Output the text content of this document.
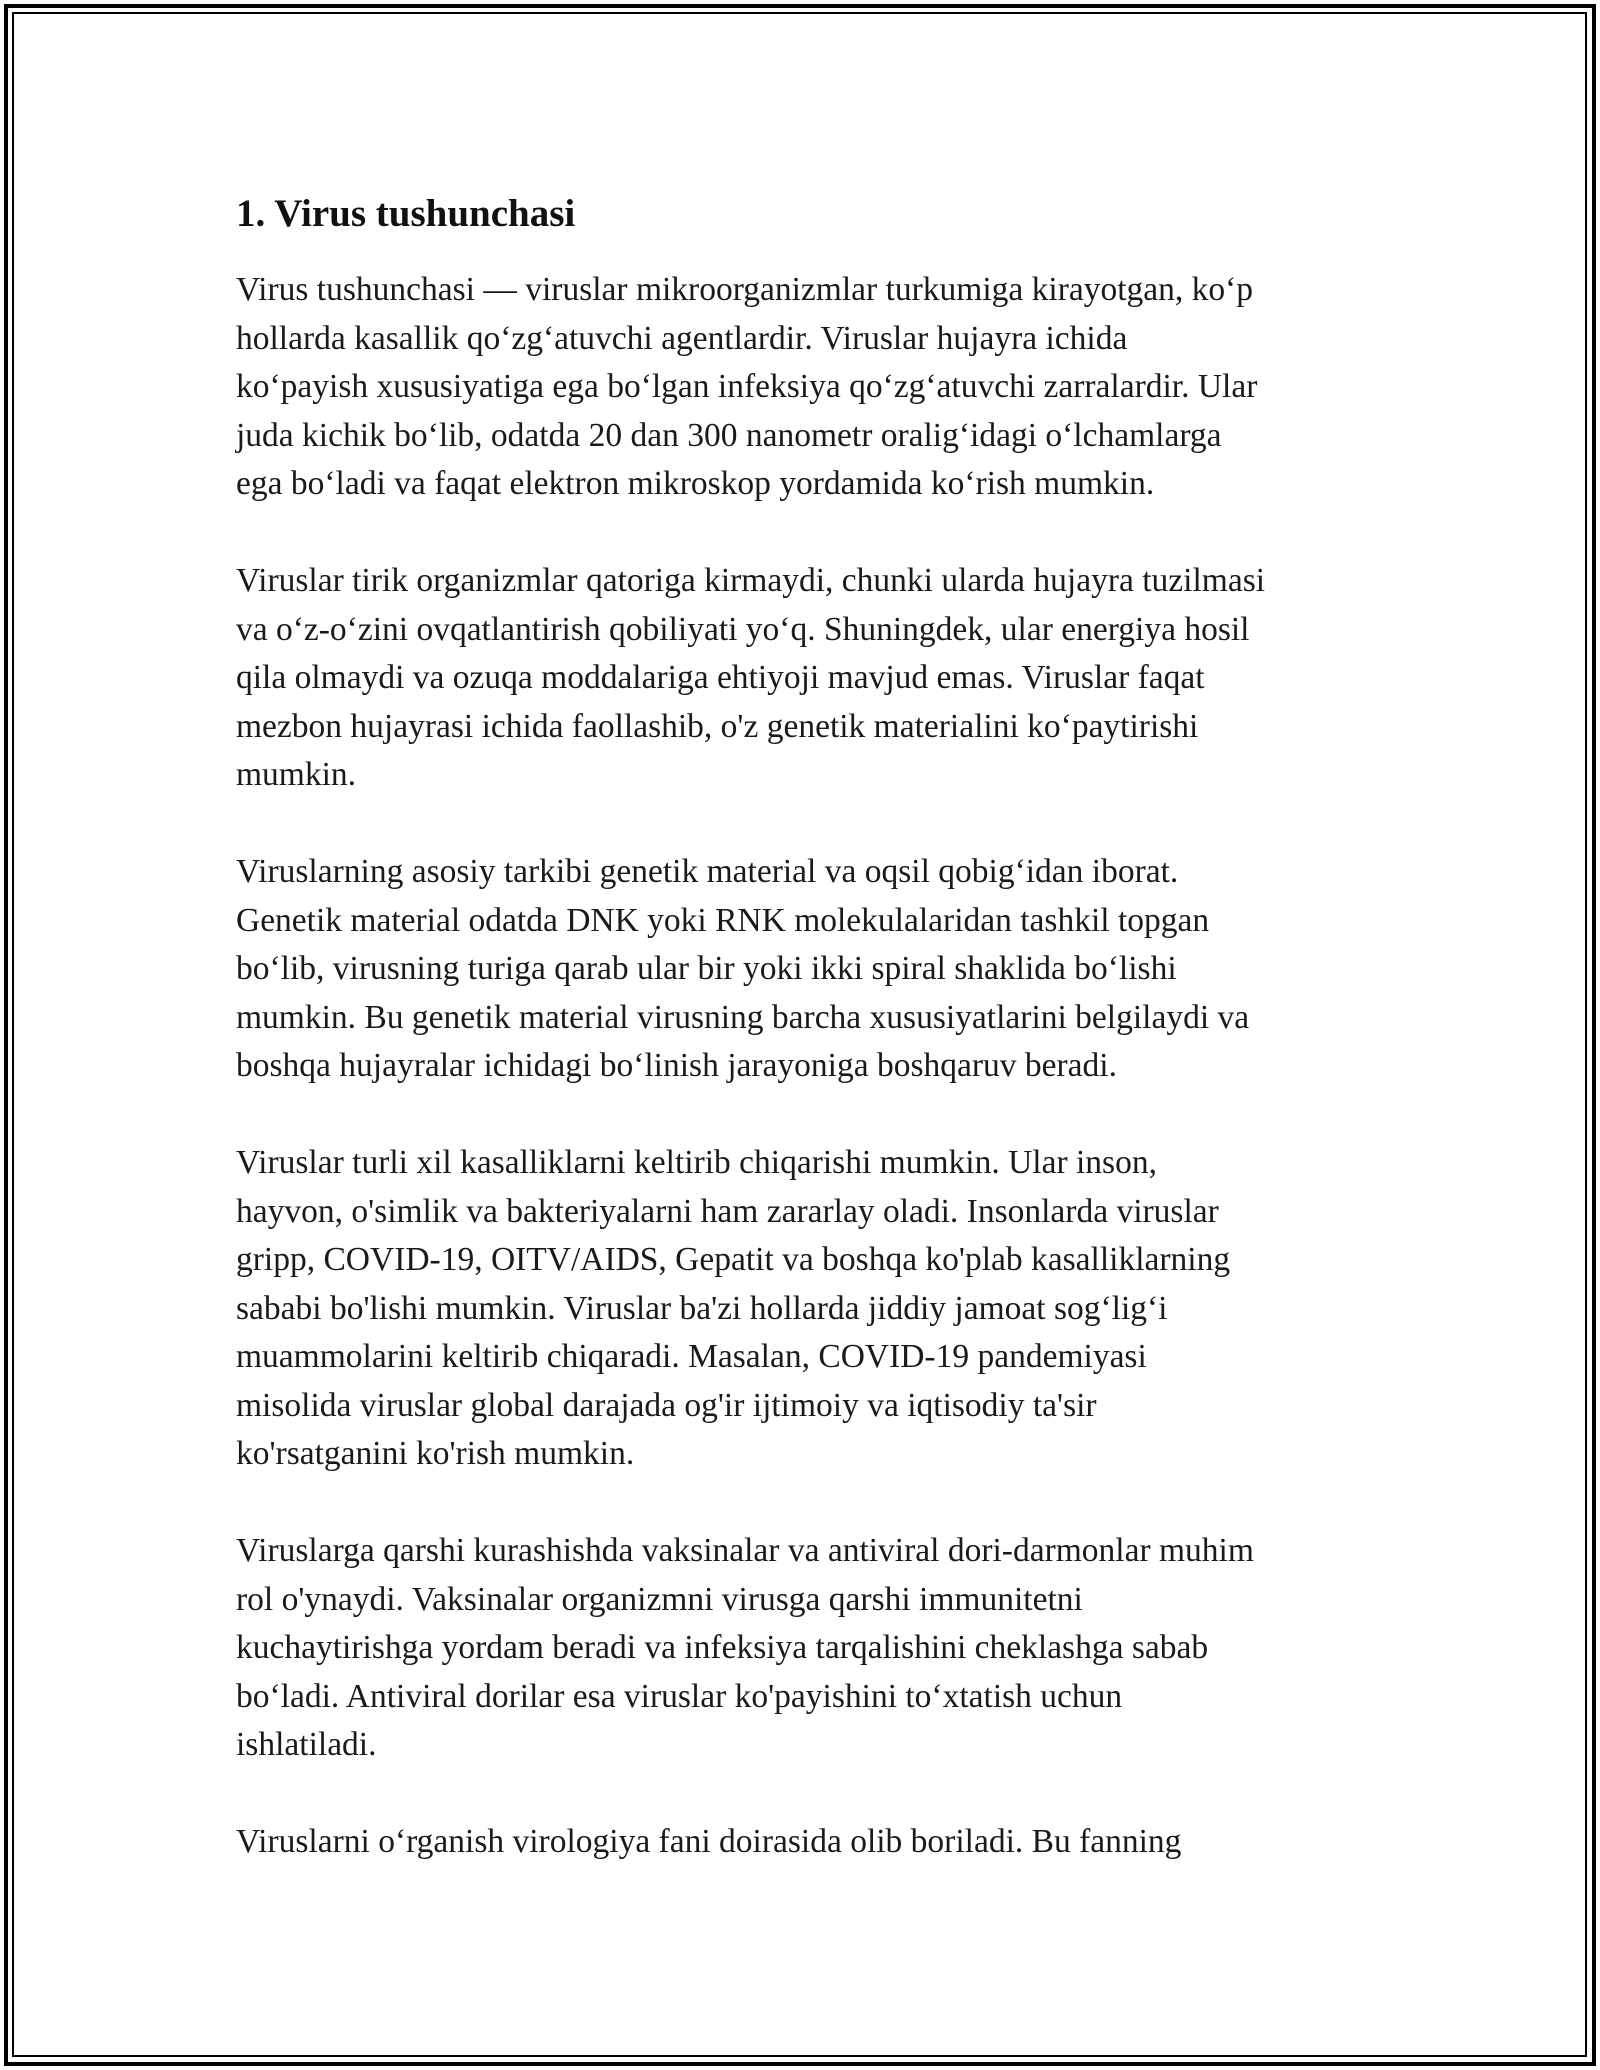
1. Virus tushunchasi

Virus tushunchasi — viruslar mikroorganizmlar turkumiga kirayotgan, koʻp
hollarda kasallik qoʻzgʻatuvchi agentlardir. Viruslar hujayra ichida
koʻpayish xususiyatiga ega boʻlgan infeksiya qoʻzgʻatuvchi zarralardir. Ular
juda kichik boʻlib, odatda 20 dan 300 nanometr oraligʻidagi oʻlchamlarga
ega boʻladi va faqat elektron mikroskop yordamida koʻrish mumkin.

Viruslar tirik organizmlar qatoriga kirmaydi, chunki ularda hujayra tuzilmasi
va oʻz-oʻzini ovqatlantirish qobiliyati yoʻq. Shuningdek, ular energiya hosil
qila olmaydi va ozuqa moddalariga ehtiyoji mavjud emas. Viruslar faqat
mezbon hujayrasi ichida faollashib, o'z genetik materialini koʻpaytirishi
mumkin.

Viruslarning asosiy tarkibi genetik material va oqsil qobigʻidan iborat.
Genetik material odatda DNK yoki RNK molekulalaridan tashkil topgan
boʻlib, virusning turiga qarab ular bir yoki ikki spiral shaklida boʻlishi
mumkin. Bu genetik material virusning barcha xususiyatlarini belgilaydi va
boshqa hujayralar ichidagi boʻlinish jarayoniga boshqaruv beradi.

Viruslar turli xil kasalliklarni keltirib chiqarishi mumkin. Ular inson,
hayvon, o'simlik va bakteriyalarni ham zararlay oladi. Insonlarda viruslar
gripp, COVID-19, OITV/AIDS, Gepatit va boshqa ko'plab kasalliklarning
sababi bo'lishi mumkin. Viruslar ba'zi hollarda jiddiy jamoat sogʻligʻi
muammolarini keltirib chiqaradi. Masalan, COVID-19 pandemiyasi
misolida viruslar global darajada og'ir ijtimoiy va iqtisodiy ta'sir
ko'rsatganini ko'rish mumkin.

Viruslarga qarshi kurashishda vaksinalar va antiviral dori-darmonlar muhim
rol o'ynaydi. Vaksinalar organizmni virusga qarshi immunitetni
kuchaytirishga yordam beradi va infeksiya tarqalishini cheklashga sabab
boʻladi. Antiviral dorilar esa viruslar ko'payishini toʻxtatish uchun
ishlatiladi.

Viruslarni oʻrganish virologiya fani doirasida olib boriladi. Bu fanning
